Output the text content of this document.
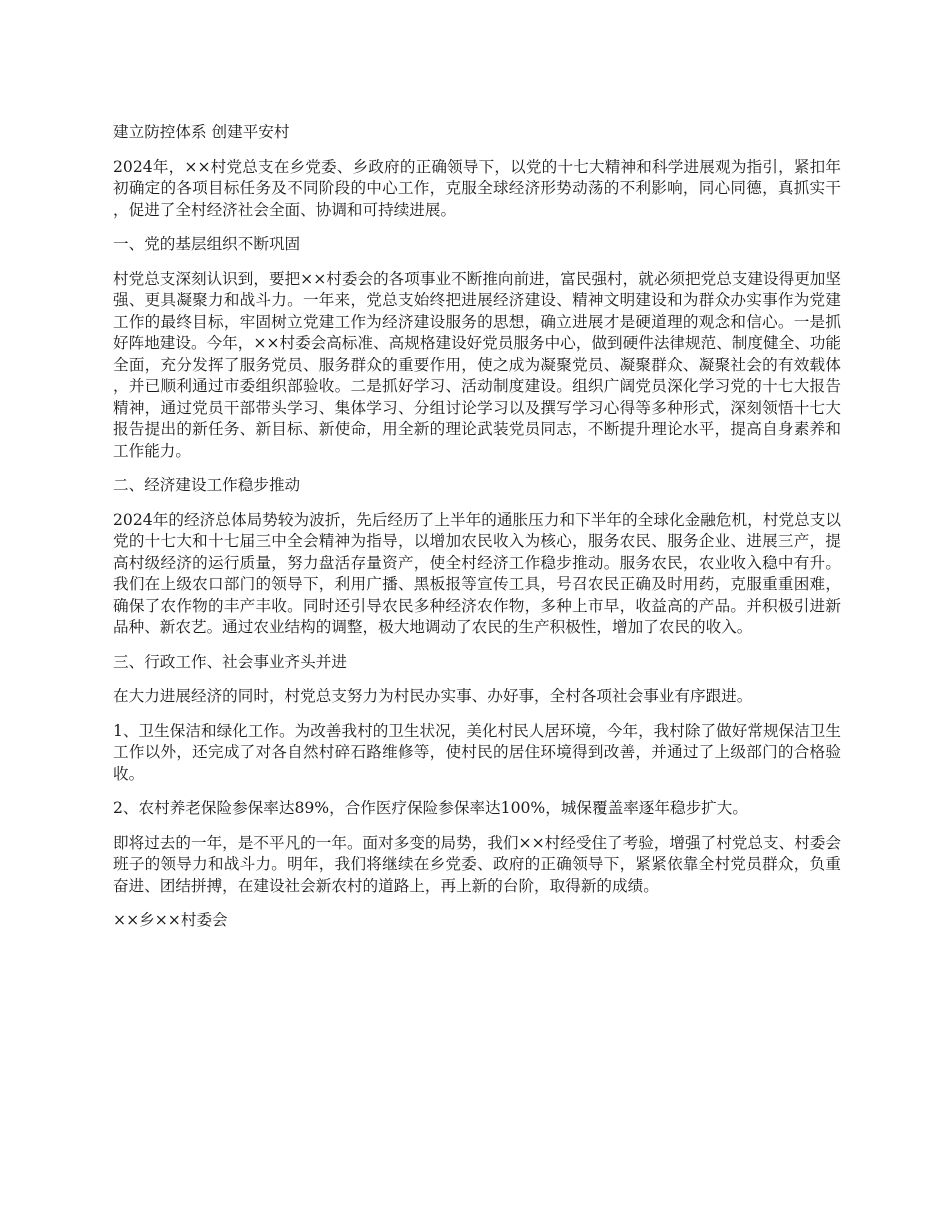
建立防控体系 创建平安村

2024年，××村党总支在乡党委、乡政府的正确领导下，以党的十七大精神和科学进展观为指引，紧扣年初确定的各项目标任务及不同阶段的中心工作，克服全球经济形势动荡的不利影响，同心同德，真抓实干，促进了全村经济社会全面、协调和可持续进展。

一、党的基层组织不断巩固

村党总支深刻认识到，要把××村委会的各项事业不断推向前进，富民强村，就必须把党总支建设得更加坚强、更具凝聚力和战斗力。一年来，党总支始终把进展经济建设、精神文明建设和为群众办实事作为党建工作的最终目标，牢固树立党建工作为经济建设服务的思想，确立进展才是硬道理的观念和信心。一是抓好阵地建设。今年，××村委会高标准、高规格建设好党员服务中心，做到硬件法律规范、制度健全、功能全面，充分发挥了服务党员、服务群众的重要作用，使之成为凝聚党员、凝聚群众、凝聚社会的有效载体，并已顺利通过市委组织部验收。二是抓好学习、活动制度建设。组织广阔党员深化学习党的十七大报告精神，通过党员干部带头学习、集体学习、分组讨论学习以及撰写学习心得等多种形式，深刻领悟十七大报告提出的新任务、新目标、新使命，用全新的理论武装党员同志，不断提升理论水平，提高自身素养和工作能力。

二、经济建设工作稳步推动

2024年的经济总体局势较为波折，先后经历了上半年的通胀压力和下半年的全球化金融危机，村党总支以党的十七大和十七届三中全会精神为指导，以增加农民收入为核心，服务农民、服务企业、进展三产，提高村级经济的运行质量，努力盘活存量资产，使全村经济工作稳步推动。服务农民，农业收入稳中有升。我们在上级农口部门的领导下，利用广播、黑板报等宣传工具，号召农民正确及时用药，克服重重困难，确保了农作物的丰产丰收。同时还引导农民多种经济农作物，多种上市早，收益高的产品。并积极引进新品种、新农艺。通过农业结构的调整，极大地调动了农民的生产积极性，增加了农民的收入。

三、行政工作、社会事业齐头并进

在大力进展经济的同时，村党总支努力为村民办实事、办好事，全村各项社会事业有序跟进。

1、卫生保洁和绿化工作。为改善我村的卫生状况，美化村民人居环境，今年，我村除了做好常规保洁卫生工作以外，还完成了对各自然村碎石路维修等，使村民的居住环境得到改善，并通过了上级部门的合格验收。

2、农村养老保险参保率达89%，合作医疗保险参保率达100%，城保覆盖率逐年稳步扩大。

即将过去的一年，是不平凡的一年。面对多变的局势，我们××村经受住了考验，增强了村党总支、村委会班子的领导力和战斗力。明年，我们将继续在乡党委、政府的正确领导下，紧紧依靠全村党员群众，负重奋进、团结拼搏，在建设社会新农村的道路上，再上新的台阶，取得新的成绩。

××乡××村委会
